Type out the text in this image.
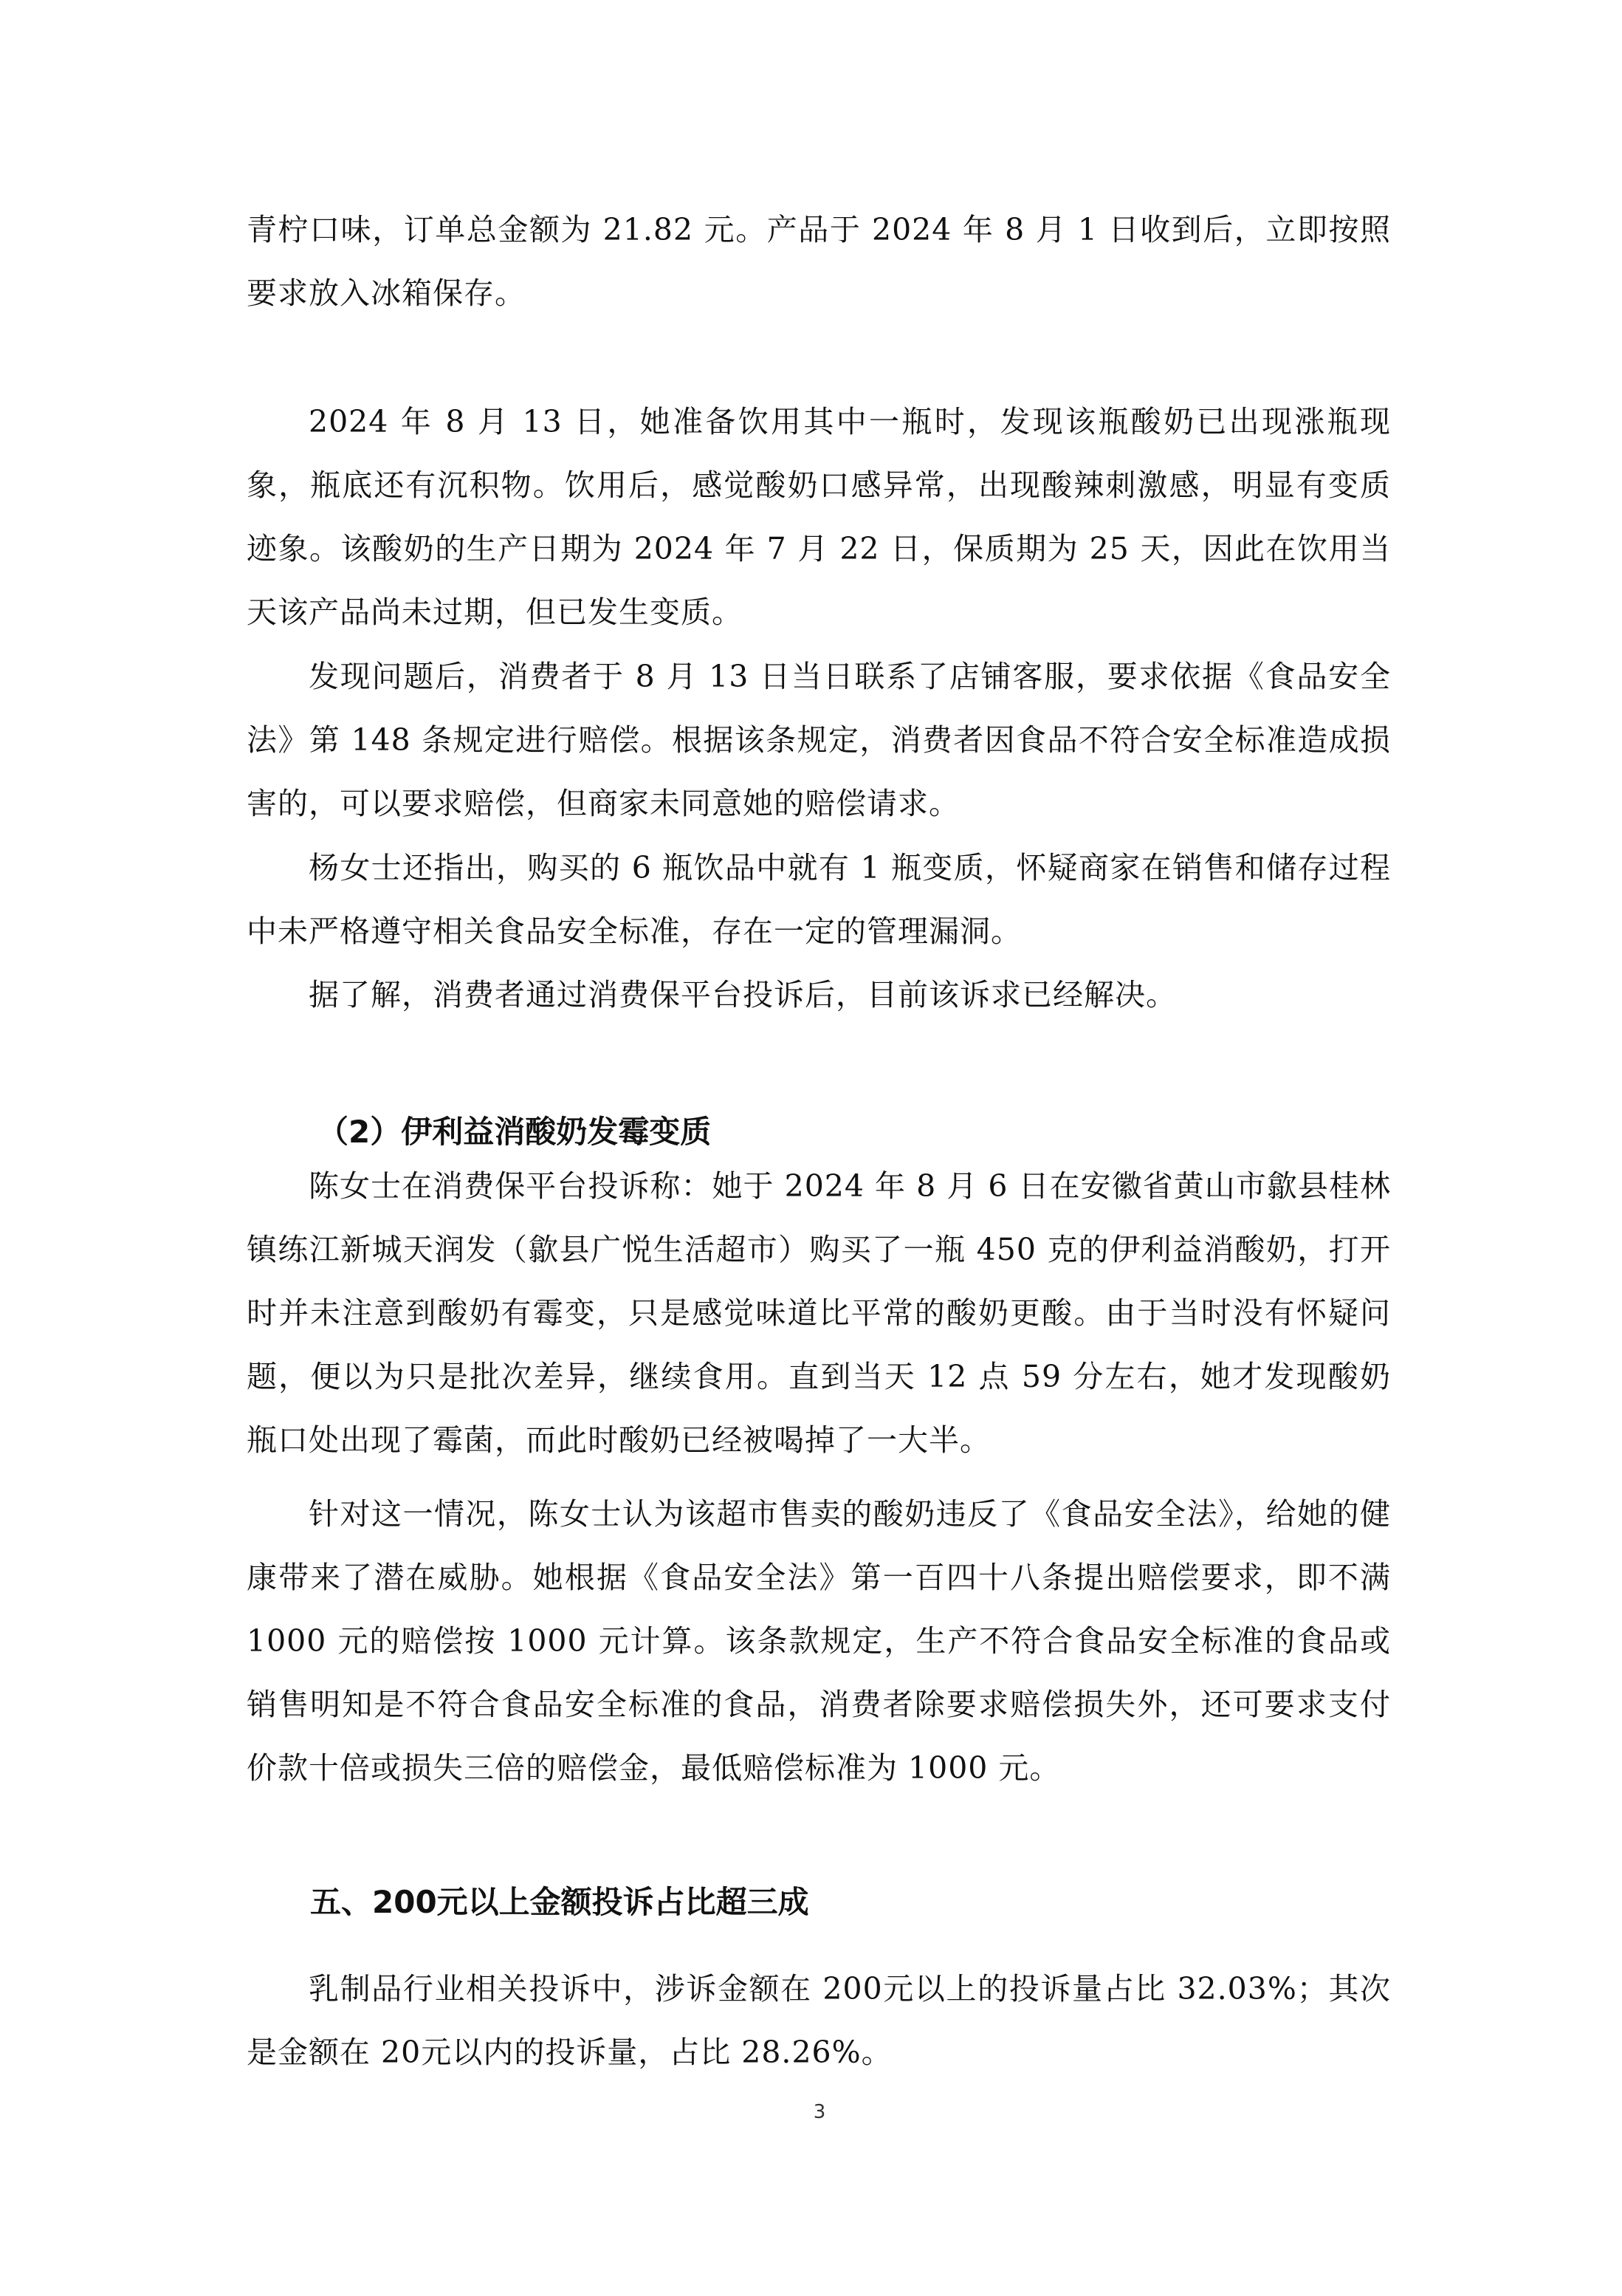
青柠口味，订单总金额为 21.82 元。产品于 2024 年 8 月 1 日收到后，立即按照要求放入冰箱保存。

2024 年 8 月 13 日，她准备饮用其中一瓶时，发现该瓶酸奶已出现涨瓶现象，瓶底还有沉积物。饮用后，感觉酸奶口感异常，出现酸辣刺激感，明显有变质迹象。该酸奶的生产日期为 2024 年 7 月 22 日，保质期为 25 天，因此在饮用当天该产品尚未过期，但已发生变质。

发现问题后，消费者于 8 月 13 日当日联系了店铺客服，要求依据《食品安全法》第 148 条规定进行赔偿。根据该条规定，消费者因食品不符合安全标准造成损害的，可以要求赔偿，但商家未同意她的赔偿请求。

杨女士还指出，购买的 6 瓶饮品中就有 1 瓶变质，怀疑商家在销售和储存过程中未严格遵守相关食品安全标准，存在一定的管理漏洞。

据了解，消费者通过消费保平台投诉后，目前该诉求已经解决。

（2）伊利益消酸奶发霉变质

陈女士在消费保平台投诉称：她于 2024 年 8 月 6 日在安徽省黄山市歙县桂林镇练江新城天润发（歙县广悦生活超市）购买了一瓶 450 克的伊利益消酸奶，打开时并未注意到酸奶有霉变，只是感觉味道比平常的酸奶更酸。由于当时没有怀疑问题，便以为只是批次差异，继续食用。直到当天 12 点 59 分左右，她才发现酸奶瓶口处出现了霉菌，而此时酸奶已经被喝掉了一大半。

针对这一情况，陈女士认为该超市售卖的酸奶违反了《食品安全法》，给她的健康带来了潜在威胁。她根据《食品安全法》第一百四十八条提出赔偿要求，即不满 1000 元的赔偿按 1000 元计算。该条款规定，生产不符合食品安全标准的食品或销售明知是不符合食品安全标准的食品，消费者除要求赔偿损失外，还可要求支付价款十倍或损失三倍的赔偿金，最低赔偿标准为 1000 元。

五、200元以上金额投诉占比超三成

乳制品行业相关投诉中，涉诉金额在 200元以上的投诉量占比 32.03%；其次是金额在 20元以内的投诉量，占比 28.26%。

3
